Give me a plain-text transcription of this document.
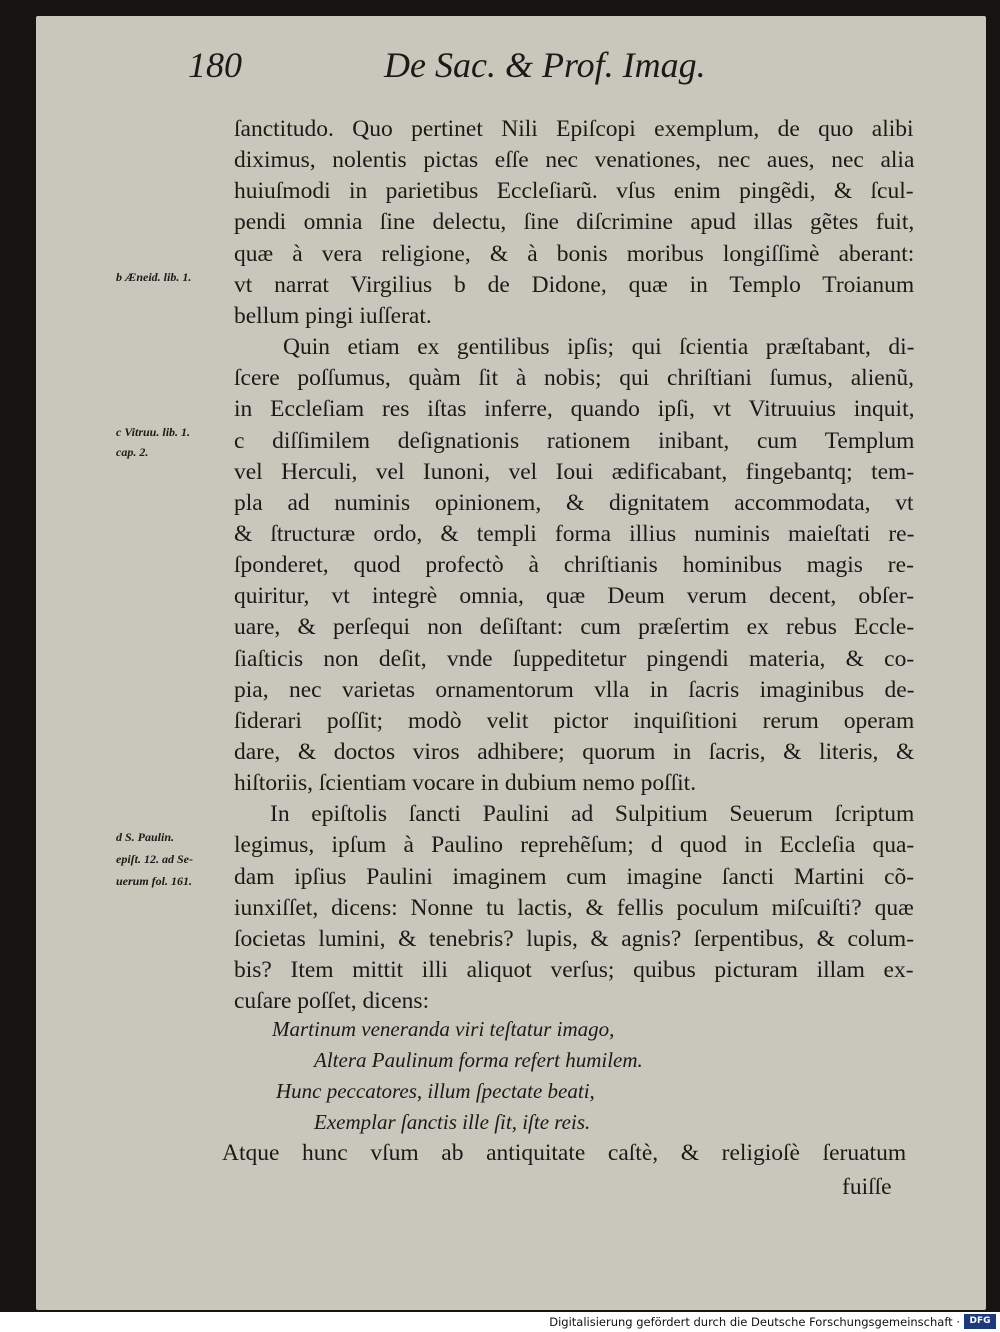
180	De Sac. & Prof. Imag.
ſanctitudo. Quo pertinet Nili Epiſcopi exemplum, de quo alibi
diximus, nolentis pictas eſſe nec venationes, nec aues, nec alia
huiuſmodi in parietibus Eccleſiarũ. vſus enim pingẽdi, & ſcul-
pendi omnia ſine delectu, ſine diſcrimine apud illas gẽtes fuit,
quæ à vera religione, & à bonis moribus longiſſimè aberant:
vt narrat Virgilius b de Didone, quæ in Templo Troianum
bellum pingi iuſſerat.
Quin etiam ex gentilibus ipſis; qui ſcientia præſtabant, di-
ſcere poſſumus, quàm ſit à nobis; qui chriſtiani ſumus, alienũ,
in Eccleſiam res iſtas inferre, quando ipſi, vt Vitruuius inquit,
c diſſimilem deſignationis rationem inibant, cum Templum
vel Herculi, vel Iunoni, vel Ioui ædificabant, fingebantq; tem-
pla ad numinis opinionem, & dignitatem accommodata, vt
& ſtructuræ ordo, & templi forma illius numinis maieſtati re-
ſponderet, quod profectò à chriſtianis hominibus magis re-
quiritur, vt integrè omnia, quæ Deum verum decent, obſer-
uare, & perſequi non deſiſtant: cum præſertim ex rebus Eccle-
ſiaſticis non deſit, vnde ſuppeditetur pingendi materia, & co-
pia, nec varietas ornamentorum vlla in ſacris imaginibus de-
ſiderari poſſit; modò velit pictor inquiſitioni rerum operam
dare, & doctos viros adhibere; quorum in ſacris, & literis, &
hiſtoriis, ſcientiam vocare in dubium nemo poſſit.
In epiſtolis ſancti Paulini ad Sulpitium Seuerum ſcriptum
legimus, ipſum à Paulino reprehẽſum; d quod in Eccleſia qua-
dam ipſius Paulini imaginem cum imagine ſancti Martini cõ-
iunxiſſet, dicens: Nonne tu lactis, & fellis poculum miſcuiſti? quæ
ſocietas lumini, & tenebris? lupis, & agnis? ſerpentibus, & colum-
bis? Item mittit illi aliquot verſus; quibus picturam illam ex-
cuſare poſſet, dicens:
Martinum veneranda viri teſtatur imago,
Altera Paulinum forma refert humilem.
Hunc peccatores, illum ſpectate beati,
Exemplar ſanctis ille ſit, iſte reis.
Atque hunc vſum ab antiquitate caſtè, & religioſè ſeruatum
fuiſſe
b Æneid. lib. 1.
c Vitruu. lib. 1.
cap. 2.
d S. Paulin.
epiſt. 12. ad Se-
uerum fol. 161.
Digitalisierung gefördert durch die Deutsche Forschungsgemeinschaft ·	DFG
